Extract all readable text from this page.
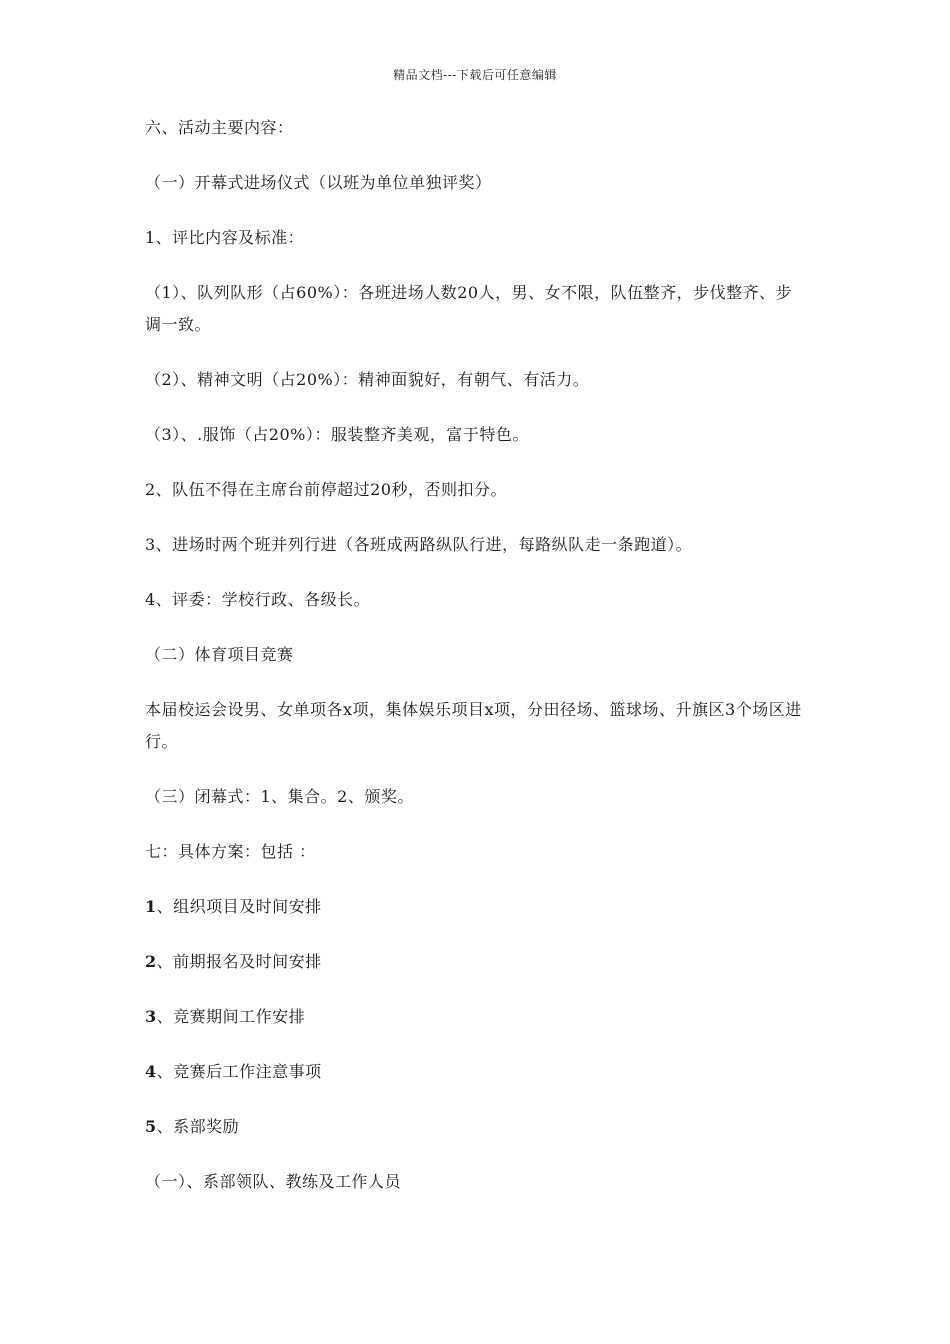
精品文档---下载后可任意编辑

六、活动主要内容：

（一）开幕式进场仪式（以班为单位单独评奖）

1、评比内容及标准：

（1）、队列队形（占60%）：各班进场人数20人，男、女不限，队伍整齐，步伐整齐、步调一致。

（2）、精神文明（占20%）：精神面貌好，有朝气、有活力。

（3）、.服饰（占20%）：服装整齐美观，富于特色。

2、队伍不得在主席台前停超过20秒，否则扣分。

3、进场时两个班并列行进（各班成两路纵队行进，每路纵队走一条跑道）。

4、评委：学校行政、各级长。

（二）体育项目竞赛

本届校运会设男、女单项各x项，集体娱乐项目x项，分田径场、篮球场、升旗区3个场区进行。

（三）闭幕式：1、集合。2、颁奖。

七：具体方案：包括 ：

1、组织项目及时间安排

2、前期报名及时间安排

3、竞赛期间工作安排

4、竞赛后工作注意事项

5、系部奖励

（一）、系部领队、教练及工作人员
